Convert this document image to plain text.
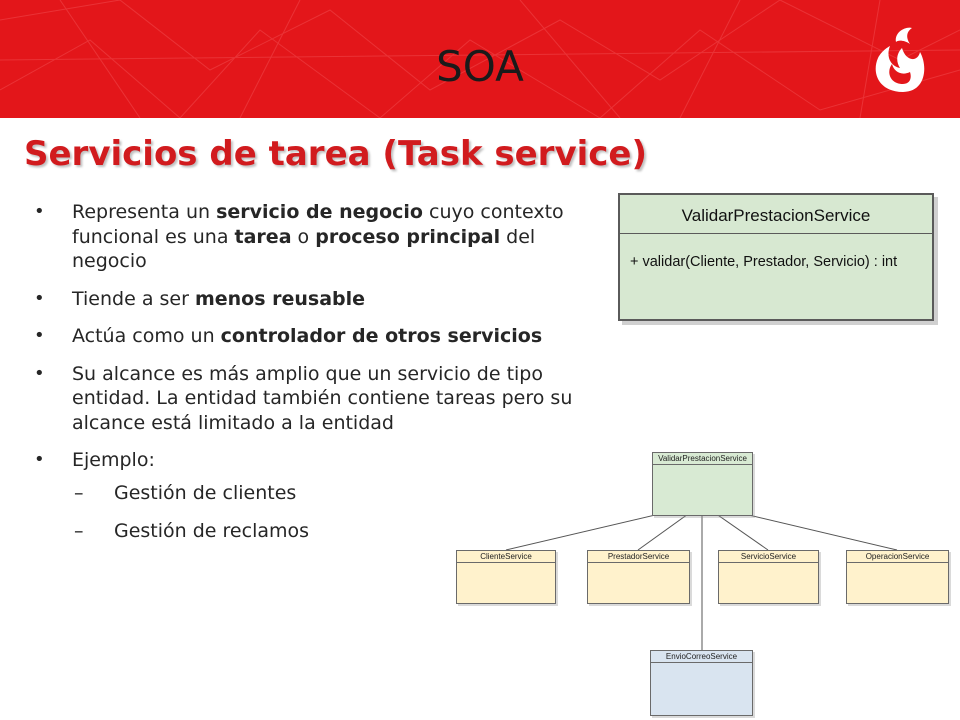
SOA
Servicios de tarea (Task service)
• Representa un servicio de negocio cuyo contexto funcional es una tarea o proceso principal del negocio
• Tiende a ser menos reusable
• Actúa como un controlador de otros servicios
• Su alcance es más amplio que un servicio de tipo entidad. La entidad también contiene tareas pero su alcance está limitado a la entidad
• Ejemplo:
– Gestión de clientes
– Gestión de reclamos
ValidarPrestacionService
+ validar(Cliente, Prestador, Servicio) : int
ValidarPrestacionService
ClienteService	PrestadorService	ServicioService	OperacionService
EnvioCorreoService
